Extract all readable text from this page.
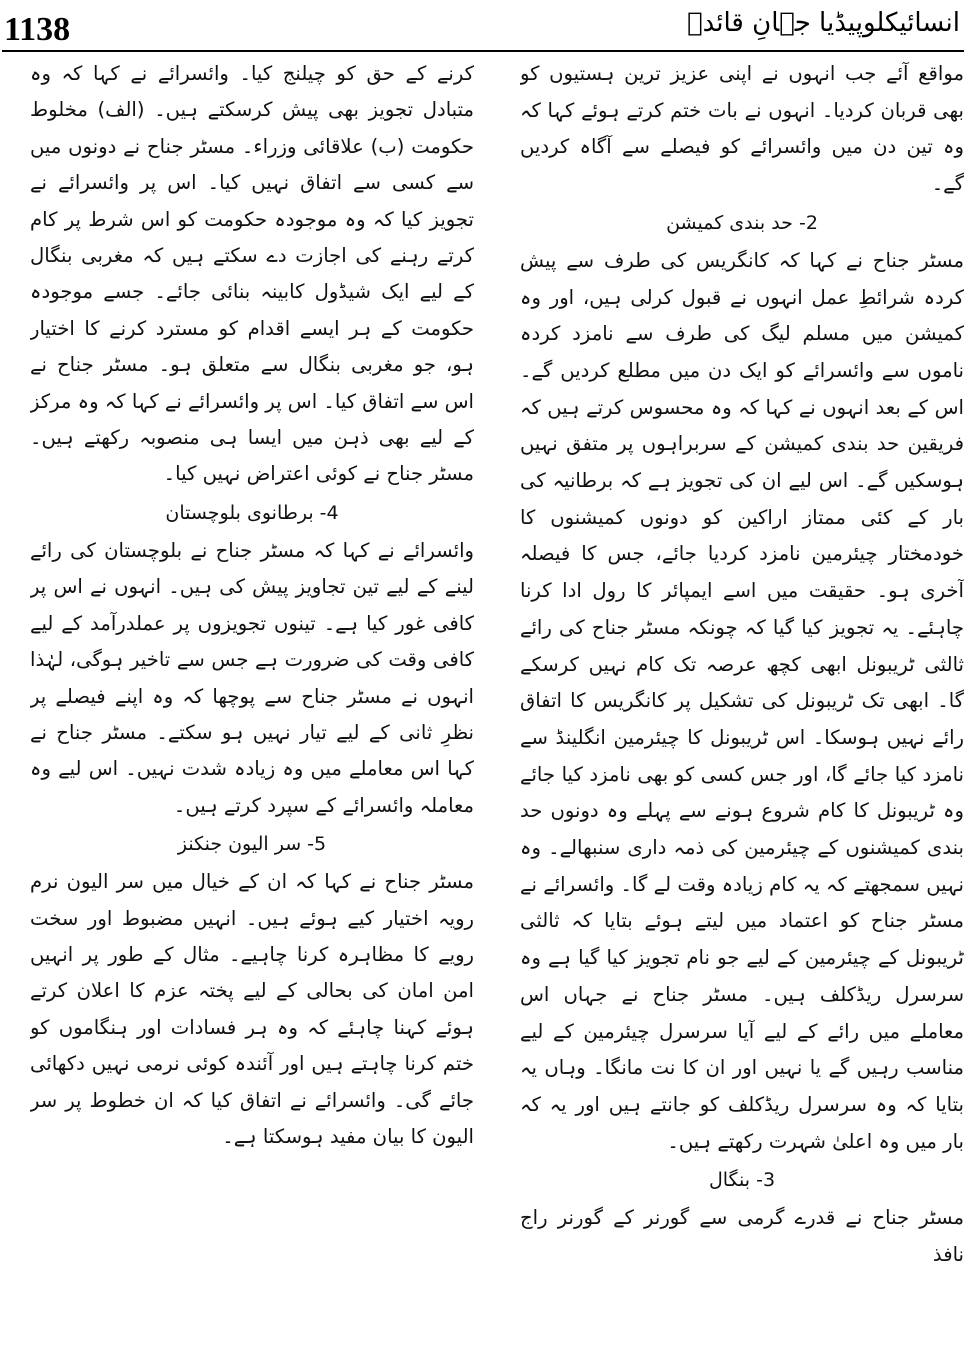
1138	انسائیکلوپیڈیا جہانِ قائدؒ

مواقع آئے جب انہوں نے اپنی عزیز ترین ہستیوں کو بھی قربان کردیا۔ انہوں نے بات ختم کرتے ہوئے کہا کہ وہ تین دن میں وائسرائے کو فیصلے سے آگاہ کردیں گے۔

2- حد بندی کمیشن

مسٹر جناح نے کہا کہ کانگریس کی طرف سے پیش کردہ شرائطِ عمل انہوں نے قبول کرلی ہیں، اور وہ کمیشن میں مسلم لیگ کی طرف سے نامزد کردہ ناموں سے وائسرائے کو ایک دن میں مطلع کردیں گے۔ اس کے بعد انہوں نے کہا کہ وہ محسوس کرتے ہیں کہ فریقین حد بندی کمیشن کے سربراہوں پر متفق نہیں ہوسکیں گے۔ اس لیے ان کی تجویز ہے کہ برطانیہ کی بار کے کئی ممتاز اراکین کو دونوں کمیشنوں کا خودمختار چیئرمین نامزد کردیا جائے، جس کا فیصلہ آخری ہو۔ حقیقت میں اسے ایمپائر کا رول ادا کرنا چاہئے۔ یہ تجویز کیا گیا کہ چونکہ مسٹر جناح کی رائے ثالثی ٹریبونل ابھی کچھ عرصہ تک کام نہیں کرسکے گا۔ ابھی تک ٹریبونل کی تشکیل پر کانگریس کا اتفاق رائے نہیں ہوسکا۔ اس ٹریبونل کا چیئرمین انگلینڈ سے نامزد کیا جائے گا، اور جس کسی کو بھی نامزد کیا جائے وہ ٹریبونل کا کام شروع ہونے سے پہلے وہ دونوں حد بندی کمیشنوں کے چیئرمین کی ذمہ داری سنبھالے۔ وہ نہیں سمجھتے کہ یہ کام زیادہ وقت لے گا۔ وائسرائے نے مسٹر جناح کو اعتماد میں لیتے ہوئے بتایا کہ ثالثی ٹریبونل کے چیئرمین کے لیے جو نام تجویز کیا گیا ہے وہ سرسرل ریڈکلف ہیں۔ مسٹر جناح نے جہاں اس معاملے میں رائے کے لیے آیا سرسرل چیئرمین کے لیے مناسب رہیں گے یا نہیں اور ان کا نت مانگا۔ وہاں یہ بتایا کہ وہ سرسرل ریڈکلف کو جانتے ہیں اور یہ کہ بار میں وہ اعلیٰ شہرت رکھتے ہیں۔

3- بنگال

مسٹر جناح نے قدرے گرمی سے گورنر کے گورنر راج نافذ

کرنے کے حق کو چیلنج کیا۔ وائسرائے نے کہا کہ وہ متبادل تجویز بھی پیش کرسکتے ہیں۔ (الف) مخلوط حکومت (ب) علاقائی وزراء۔ مسٹر جناح نے دونوں میں سے کسی سے اتفاق نہیں کیا۔ اس پر وائسرائے نے تجویز کیا کہ وہ موجودہ حکومت کو اس شرط پر کام کرتے رہنے کی اجازت دے سکتے ہیں کہ مغربی بنگال کے لیے ایک شیڈول کابینہ بنائی جائے۔ جسے موجودہ حکومت کے ہر ایسے اقدام کو مسترد کرنے کا اختیار ہو، جو مغربی بنگال سے متعلق ہو۔ مسٹر جناح نے اس سے اتفاق کیا۔ اس پر وائسرائے نے کہا کہ وہ مرکز کے لیے بھی ذہن میں ایسا ہی منصوبہ رکھتے ہیں۔ مسٹر جناح نے کوئی اعتراض نہیں کیا۔

4- برطانوی بلوچستان

وائسرائے نے کہا کہ مسٹر جناح نے بلوچستان کی رائے لینے کے لیے تین تجاویز پیش کی ہیں۔ انہوں نے اس پر کافی غور کیا ہے۔ تینوں تجویزوں پر عملدرآمد کے لیے کافی وقت کی ضرورت ہے جس سے تاخیر ہوگی، لہٰذا انہوں نے مسٹر جناح سے پوچھا کہ وہ اپنے فیصلے پر نظرِ ثانی کے لیے تیار نہیں ہو سکتے۔ مسٹر جناح نے کہا اس معاملے میں وہ زیادہ شدت نہیں۔ اس لیے وہ معاملہ وائسرائے کے سپرد کرتے ہیں۔

5- سر الیون جنکنز

مسٹر جناح نے کہا کہ ان کے خیال میں سر الیون نرم رویہ اختیار کیے ہوئے ہیں۔ انہیں مضبوط اور سخت رویے کا مظاہرہ کرنا چاہیے۔ مثال کے طور پر انہیں امن امان کی بحالی کے لیے پختہ عزم کا اعلان کرتے ہوئے کہنا چاہئے کہ وہ ہر فسادات اور ہنگاموں کو ختم کرنا چاہتے ہیں اور آئندہ کوئی نرمی نہیں دکھائی جائے گی۔ وائسرائے نے اتفاق کیا کہ ان خطوط پر سر الیون کا بیان مفید ہوسکتا ہے۔
